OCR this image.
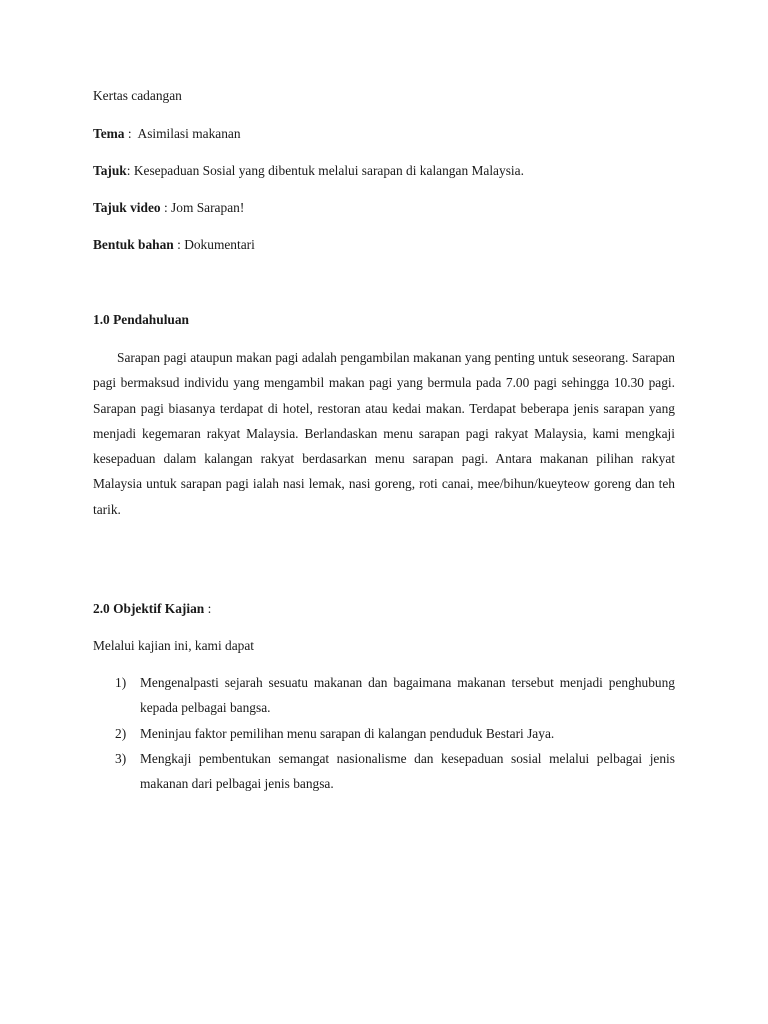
Kertas cadangan
Tema :  Asimilasi makanan
Tajuk: Kesepaduan Sosial yang dibentuk melalui sarapan di kalangan Malaysia.
Tajuk video : Jom Sarapan!
Bentuk bahan : Dokumentari
1.0 Pendahuluan
Sarapan pagi ataupun makan pagi adalah pengambilan makanan yang penting untuk seseorang. Sarapan pagi bermaksud individu yang mengambil makan pagi yang bermula pada 7.00 pagi sehingga 10.30 pagi. Sarapan pagi biasanya terdapat di hotel, restoran atau kedai makan. Terdapat beberapa jenis sarapan yang menjadi kegemaran rakyat Malaysia. Berlandaskan menu sarapan pagi rakyat Malaysia, kami mengkaji kesepaduan dalam kalangan rakyat berdasarkan menu sarapan pagi. Antara makanan pilihan rakyat Malaysia untuk sarapan pagi ialah nasi lemak, nasi goreng, roti canai, mee/bihun/kueyteow goreng dan teh tarik.
2.0 Objektif Kajian :
Melalui kajian ini, kami dapat
1) Mengenalpasti sejarah sesuatu makanan dan bagaimana makanan tersebut menjadi penghubung kepada pelbagai bangsa.
2) Meninjau faktor pemilihan menu sarapan di kalangan penduduk Bestari Jaya.
3) Mengkaji pembentukan semangat nasionalisme dan kesepaduan sosial melalui pelbagai jenis makanan dari pelbagai jenis bangsa.
